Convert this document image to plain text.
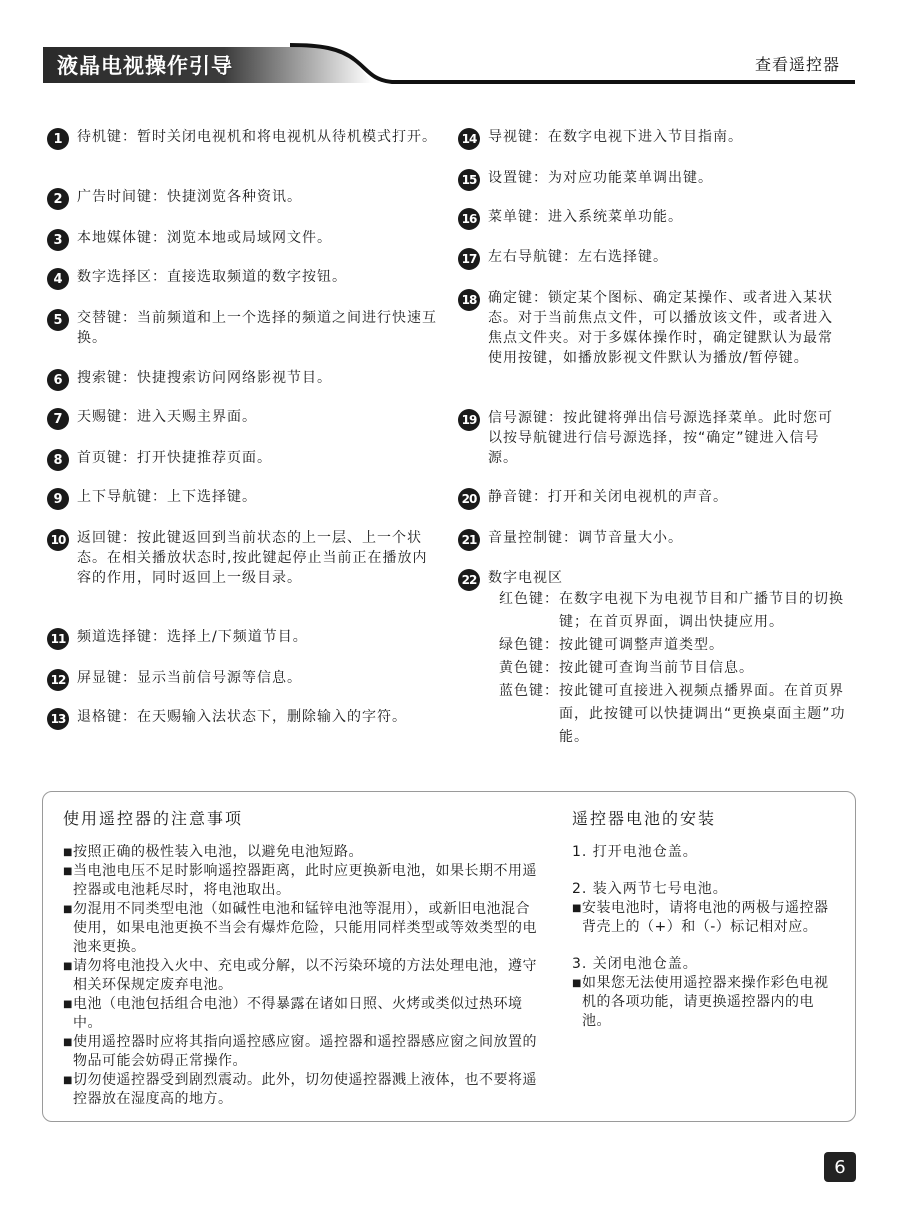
液晶电视操作引导	查看遥控器
1	待机键：暂时关闭电视机和将电视机从待机模式打开。
2	广告时间键：快捷浏览各种资讯。
3	本地媒体键：浏览本地或局域网文件。
4	数字选择区：直接选取频道的数字按钮。
5	交替键：当前频道和上一个选择的频道之间进行快速互换。
6	搜索键：快捷搜索访问网络影视节目。
7	天赐键：进入天赐主界面。
8	首页键：打开快捷推荐页面。
9	上下导航键：上下选择键。
10 返回键：按此键返回到当前状态的上一层、上一个状态。在相关播放状态时,按此键起停止当前正在播放内容的作用，同时返回上一级目录。
11 频道选择键：选择上/下频道节目。
12 屏显键：显示当前信号源等信息。
13 退格键：在天赐输入法状态下，删除输入的字符。
14 导视键：在数字电视下进入节目指南。
15 设置键：为对应功能菜单调出键。
16 菜单键：进入系统菜单功能。
17 左右导航键：左右选择键。
18 确定键：锁定某个图标、确定某操作、或者进入某状态。对于当前焦点文件，可以播放该文件，或者进入焦点文件夹。对于多媒体操作时，确定键默认为最常使用按键，如播放影视文件默认为播放/暂停键。
19 信号源键：按此键将弹出信号源选择菜单。此时您可以按导航键进行信号源选择，按“确定”键进入信号源。
20 静音键：打开和关闭电视机的声音。
21 音量控制键：调节音量大小。
22 数字电视区
红色键： 在数字电视下为电视节目和广播节目的切换键；在首页界面，调出快捷应用。
绿色键： 按此键可调整声道类型。
黄色键： 按此键可查询当前节目信息。
蓝色键： 按此键可直接进入视频点播界面。在首页界面，此按键可以快捷调出“更换桌面主题”功能。
使用遥控器的注意事项
■ 按照正确的极性装入电池，以避免电池短路。
■ 当电池电压不足时影响遥控器距离，此时应更换新电池，如果长期不用遥控器或电池耗尽时，将电池取出。
■ 勿混用不同类型电池（如碱性电池和锰锌电池等混用），或新旧电池混合使用，如果电池更换不当会有爆炸危险，只能用同样类型或等效类型的电池来更换。
■ 请勿将电池投入火中、充电或分解，以不污染环境的方法处理电池，遵守相关环保规定废弃电池。
■ 电池（电池包括组合电池）不得暴露在诸如日照、火烤或类似过热环境中。
■ 使用遥控器时应将其指向遥控感应窗。遥控器和遥控器感应窗之间放置的物品可能会妨碍正常操作。
■ 切勿使遥控器受到剧烈震动。此外，切勿使遥控器溅上液体，也不要将遥控器放在湿度高的地方。
遥控器电池的安装
1. 打开电池仓盖。
2. 装入两节七号电池。
■ 安装电池时，请将电池的两极与遥控器背壳上的（+）和（-）标记相对应。
3. 关闭电池仓盖。
■ 如果您无法使用遥控器来操作彩色电视机的各项功能，请更换遥控器内的电池。
6
